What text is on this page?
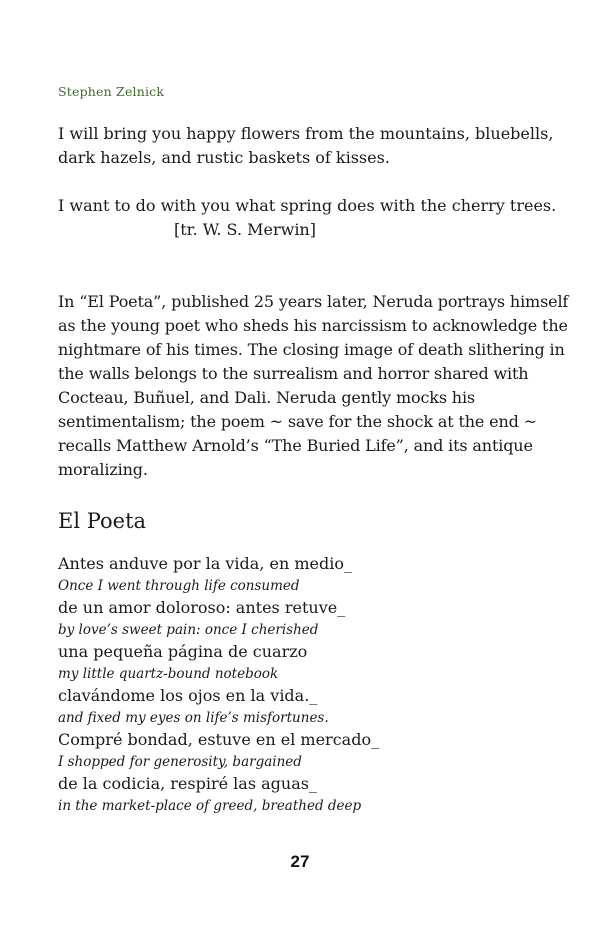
Stephen Zelnick
I will bring you happy flowers from the mountains, bluebells,
dark hazels, and rustic baskets of kisses.
I want to do with you what spring does with the cherry trees.
[tr. W. S. Merwin]
In “El Poeta”, published 25 years later, Neruda portrays himself
as the young poet who sheds his narcissism to acknowledge the
nightmare of his times. The closing image of death slithering in
the walls belongs to the surrealism and horror shared with
Cocteau, Buñuel, and Dali. Neruda gently mocks his
sentimentalism; the poem ~ save for the shock at the end ~
recalls Matthew Arnold’s “The Buried Life”, and its antique
moralizing.
El Poeta
Antes anduve por la vida, en medio_
Once I went through life consumed
de un amor doloroso: antes retuve_
by love’s sweet pain: once I cherished
una pequeña página de cuarzo
my little quartz-bound notebook
clavándome los ojos en la vida._
and fixed my eyes on life’s misfortunes.
Compré bondad, estuve en el mercado_
I shopped for generosity, bargained
de la codicia, respiré las aguas_
in the market-place of greed, breathed deep
27
